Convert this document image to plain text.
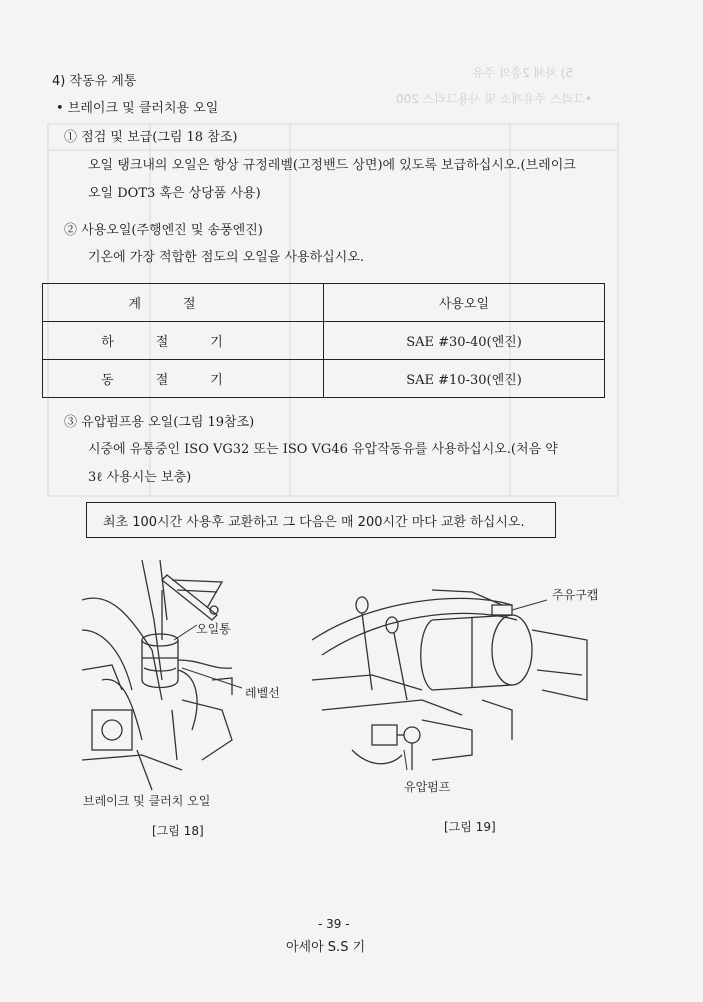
5) 차체 2층의 주유
•그리스 주유개소 및 사용그리스 200
4) 작동유 계통
• 브레이크 및 클러치용 오일
① 점검 및 보급(그림 18 참조)
오일 탱크내의 오일은 항상 규정레벨(고정밴드 상면)에 있도록 보급하십시오.(브레이크
오일 DOT3 혹은 상당품 사용)
② 사용오일(주행엔진 및 송풍엔진)
기온에 가장 적합한 점도의 오일을 사용하십시오.
계절	사용오일
하절기	SAE #30-40(엔진)
동절기	SAE #10-30(엔진)
③ 유압펌프용 오일(그림 19참조)
시중에 유통중인 ISO VG32 또는 ISO VG46 유압작동유를 사용하십시오.(처음 약
3ℓ 사용시는 보충)
최초 100시간 사용후 교환하고 그 다음은 매 200시간 마다 교환 하십시오.
오일통
레벨선
브레이크 및 클러치 오일
[그림 18]
주유구캡
유압펌프
[그림 19]
- 39 -
아세아 S.S 기
